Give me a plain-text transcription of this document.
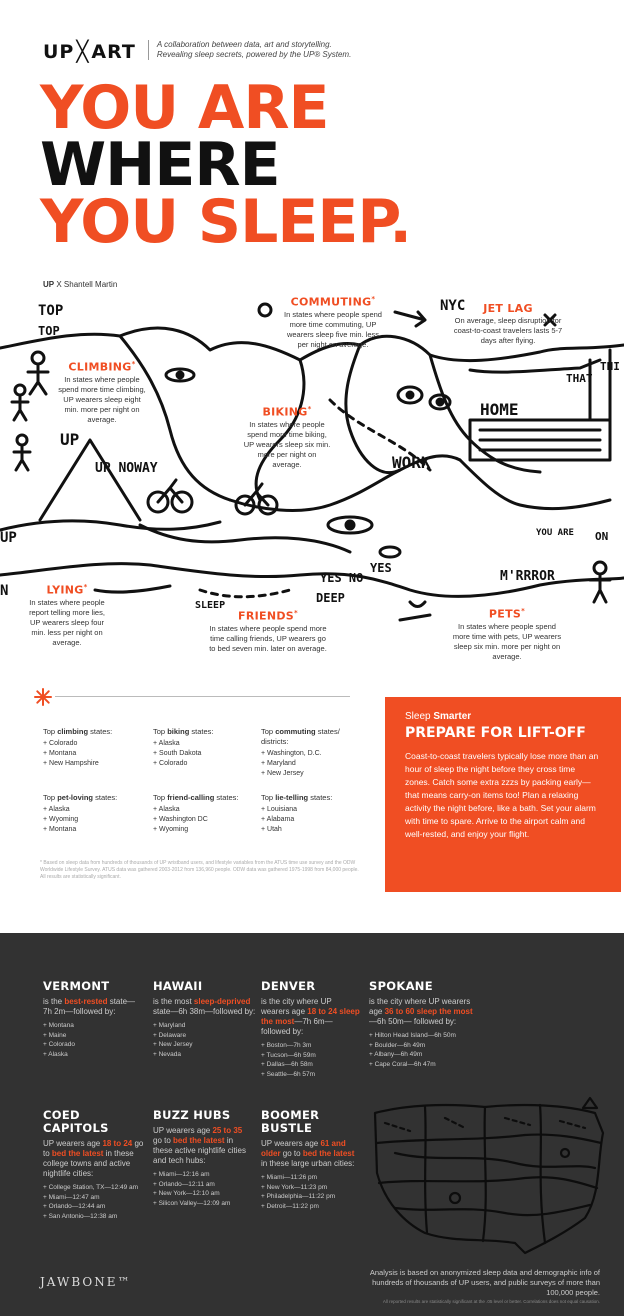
UP ╳ ART	A collaboration between data, art and storytelling.
Revealing sleep secrets, powered by the UP® System.
YOU ARE
WHERE
YOU SLEEP.
UP X Shantell Martin
TOP
TOP
NYC
THAT
THI
HOME
UP
UP NOWAY	WORK
YOU ARE ON
YES NO
YES
DEEP
SLEEP
M'RRROR
UP
N
COMMUTING*
In states where people spend more time commuting, UP wearers sleep five min. less per night on average.
JET LAG
On average, sleep disruption for coast-to-coast travelers lasts 5-7 days after flying.
CLIMBING*
In states where people spend more time climbing, UP wearers sleep eight min. more per night on average.
BIKING*
In states where people spend more time biking, UP wearers sleep six min. more per night on average.
LYING*
In states where people report telling more lies, UP wearers sleep four min. less per night on average.
FRIENDS*
In states where people spend more time calling friends, UP wearers go to bed seven min. later on average.
PETS*
In states where people spend more time with pets, UP wearers sleep six min. more per night on average.
Top climbing states:
+ Colorado
+ Montana
+ New Hampshire
Top biking states:
+ Alaska
+ South Dakota
+ Colorado
Top commuting states/
districts:
+ Washington, D.C.
+ Maryland
+ New Jersey
Top pet-loving states:
+ Alaska
+ Wyoming
+ Montana
Top friend-calling states:
+ Alaska
+ Washington DC
+ Wyoming
Top lie-telling states:
+ Louisiana
+ Alabama
+ Utah
* Based on sleep data from hundreds of thousands of UP wristband users, and lifestyle variables from the ATUS time use survey and the ODW Worldwide Lifestyle Survey. ATUS data was gathered 2003-2012 from 136,960 people. ODW data was gathered 1975-1998 from 84,000 people. All results are statistically significant.
Sleep Smarter
PREPARE FOR LIFT-OFF
Coast-to-coast travelers typically lose more than an hour of sleep the night before they cross time zones. Catch some extra zzzs by packing early—that means carry-on items too! Plan a relaxing activity the night before, like a bath. Set your alarm with time to spare. Arrive to the airport calm and well-rested, and enjoy your flight.
VERMONT
is the best-rested state— 7h 2m—followed by:
+ Montana
+ Maine
+ Colorado
+ Alaska
HAWAII
is the most sleep-deprived state—6h 38m—followed by:
+ Maryland
+ Delaware
+ New Jersey
+ Nevada
DENVER
is the city where UP wearers age 18 to 24 sleep the most—7h 6m— followed by:
+ Boston—7h 3m
+ Tucson—6h 59m
+ Dallas—6h 58m
+ Seattle—6h 57m
SPOKANE
is the city where UP wearers age 36 to 60 sleep the most—6h 50m— followed by:
+ Hilton Head Island—6h 50m
+ Boulder—6h 49m
+ Albany—6h 49m
+ Cape Coral—6h 47m
COED CAPITOLS
UP wearers age 18 to 24 go to bed the latest in these college towns and active nightlife cities:
+ College Station, TX—12:49 am
+ Miami—12:47 am
+ Orlando—12:44 am
+ San Antonio—12:38 am
BUZZ HUBS
UP wearers age 25 to 35 go to bed the latest in these active nightlife cities and tech hubs:
+ Miami—12:16 am
+ Orlando—12:11 am
+ New York—12:10 am
+ Silicon Valley—12:09 am
BOOMER BUSTLE
UP wearers age 61 and older go to bed the latest in these large urban cities:
+ Miami—11:26 pm
+ New York—11:23 pm
+ Philadelphia—11:22 pm
+ Detroit—11:22 pm
JAWBONE™
Analysis is based on anonymized sleep data and demographic info of hundreds of thousands of UP users, and public surveys of more than 100,000 people.
All reported results are statistically significant at the .05 level or better. Correlations does not equal causation.
